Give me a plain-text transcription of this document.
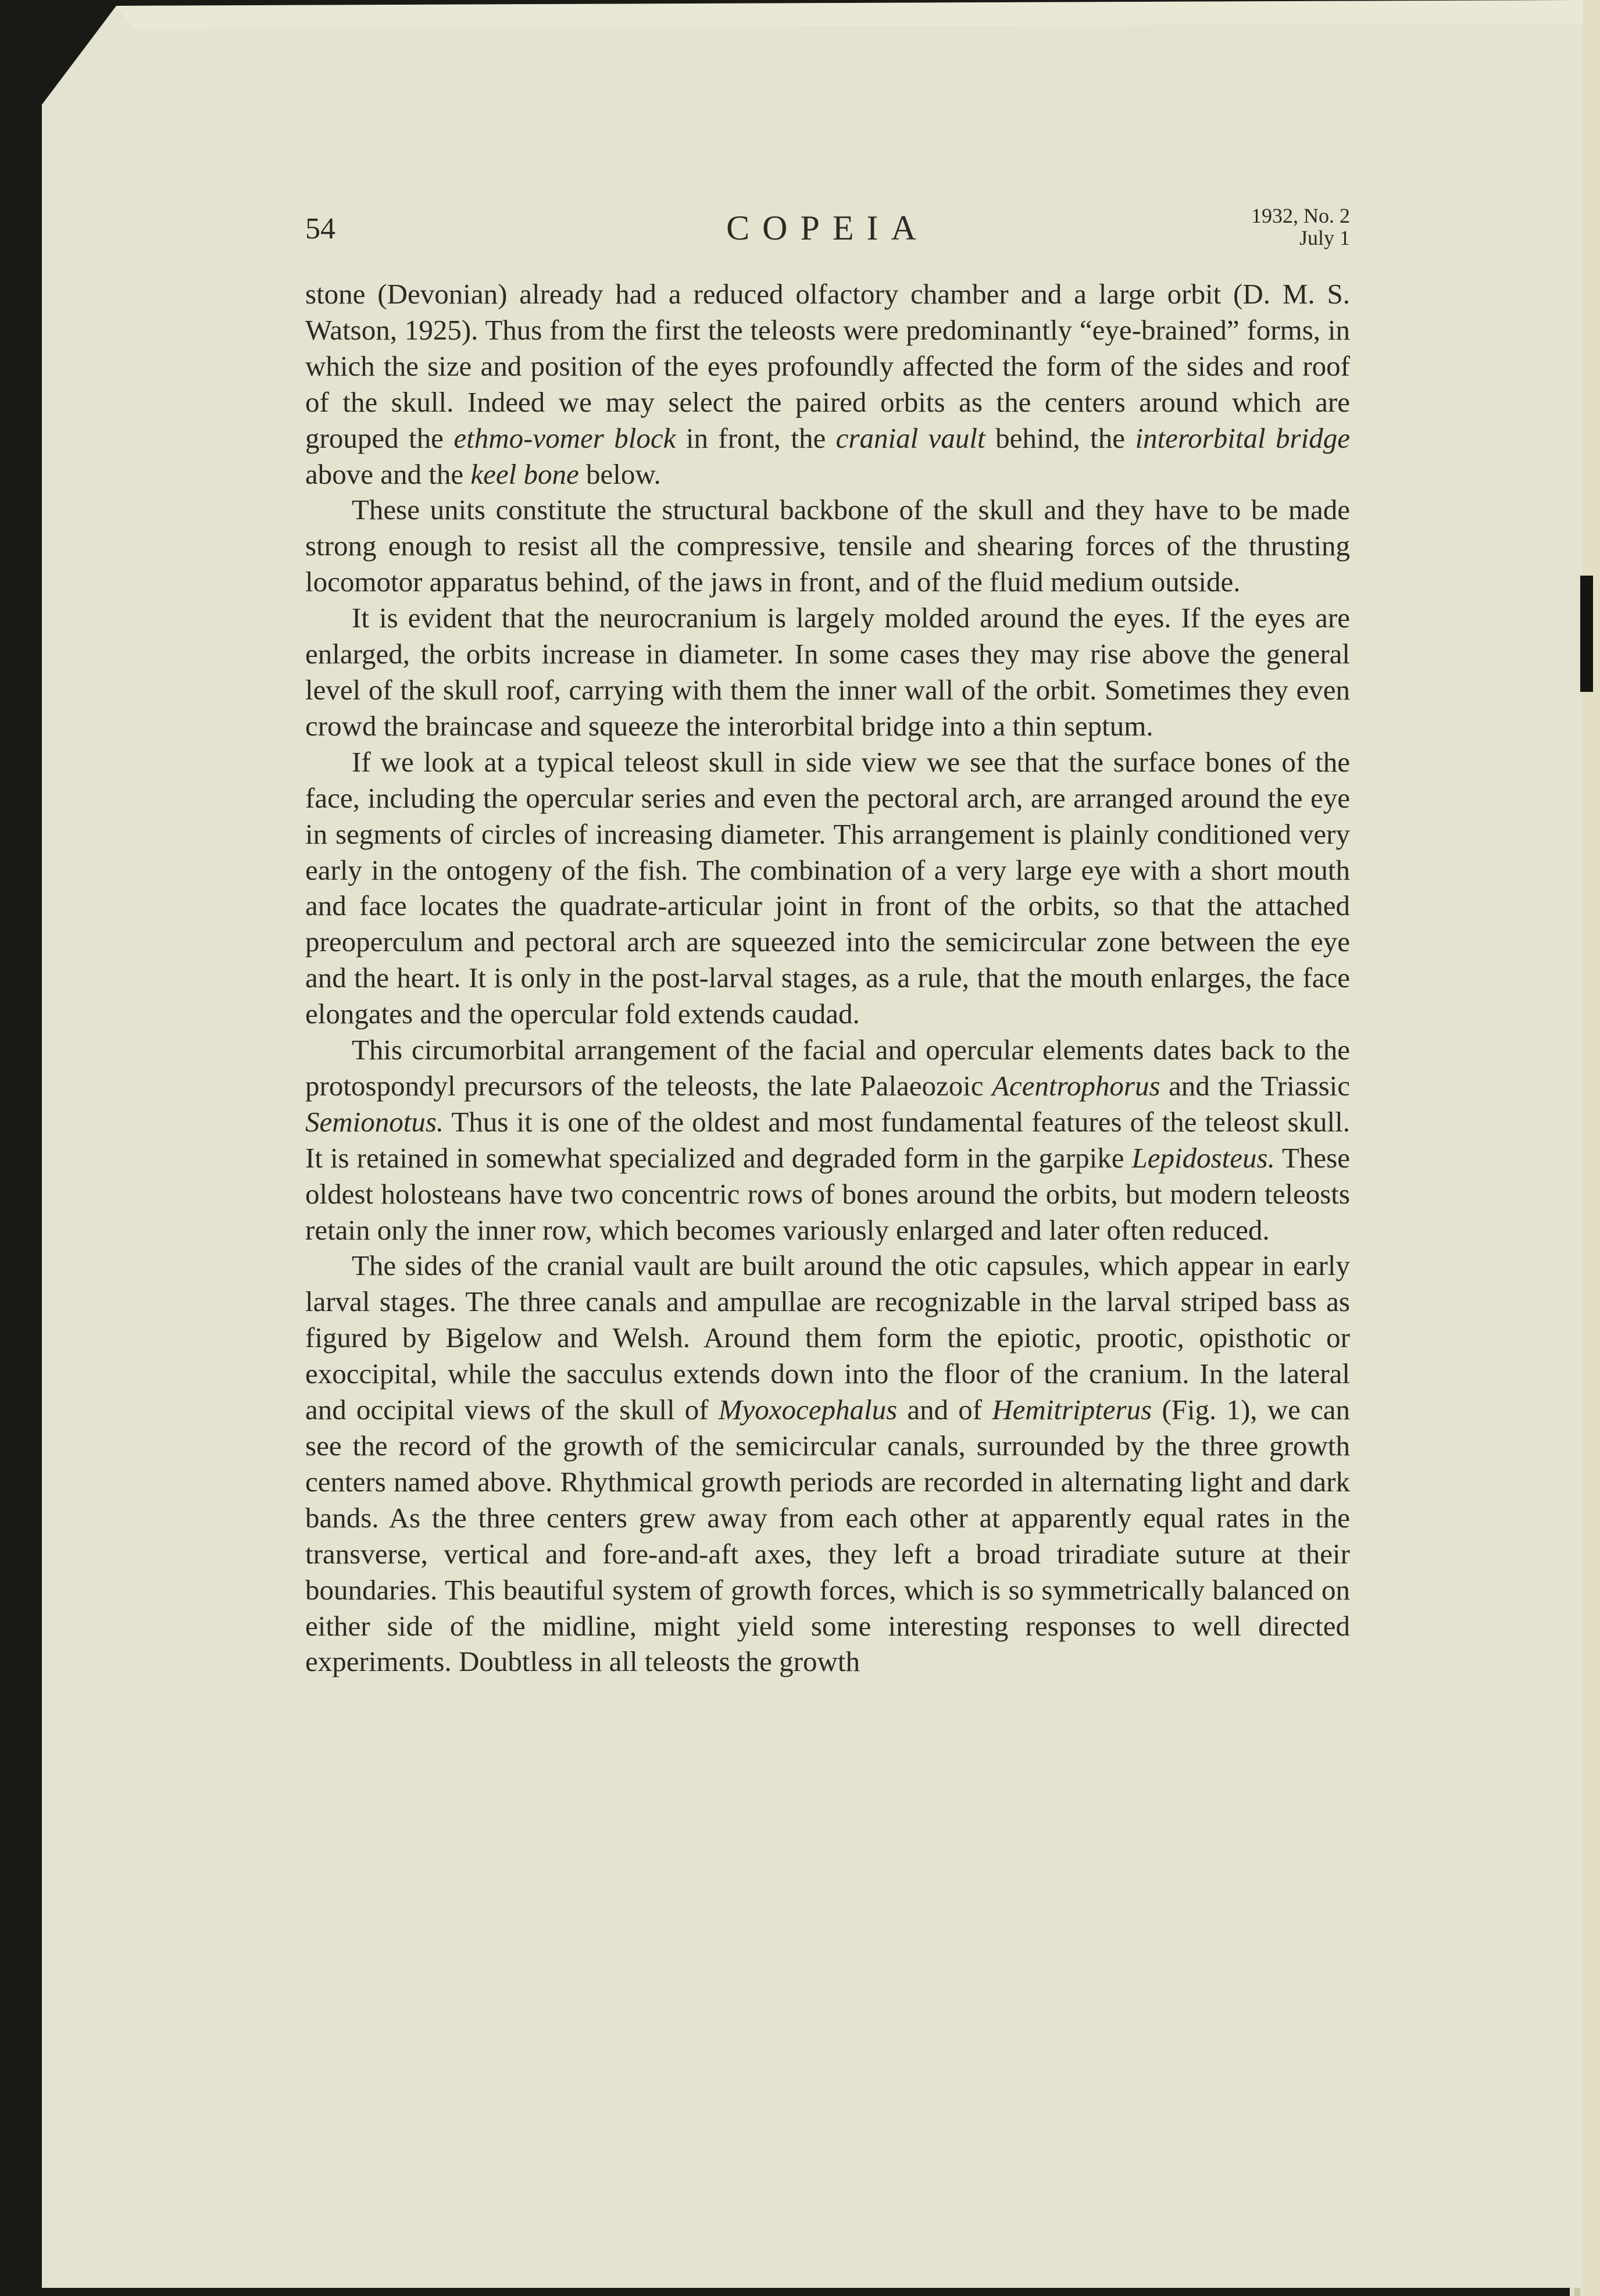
54	COPEIA	1932, No. 2
July 1

stone (Devonian) already had a reduced olfactory chamber and a large orbit (D. M. S. Watson, 1925). Thus from the first the teleosts were predominantly “eye-brained” forms, in which the size and position of the eyes profoundly affected the form of the sides and roof of the skull. Indeed we may select the paired orbits as the centers around which are grouped the ethmo-vomer block in front, the cranial vault behind, the interorbital bridge above and the keel bone below.

These units constitute the structural backbone of the skull and they have to be made strong enough to resist all the compressive, tensile and shearing forces of the thrusting locomotor apparatus behind, of the jaws in front, and of the fluid medium outside.

It is evident that the neurocranium is largely molded around the eyes. If the eyes are enlarged, the orbits increase in diameter. In some cases they may rise above the general level of the skull roof, carrying with them the inner wall of the orbit. Sometimes they even crowd the braincase and squeeze the interorbital bridge into a thin septum.

If we look at a typical teleost skull in side view we see that the surface bones of the face, including the opercular series and even the pectoral arch, are arranged around the eye in segments of circles of increasing diameter. This arrangement is plainly conditioned very early in the ontogeny of the fish. The combination of a very large eye with a short mouth and face locates the quadrate-articular joint in front of the orbits, so that the attached preoperculum and pectoral arch are squeezed into the semicircular zone between the eye and the heart. It is only in the post-larval stages, as a rule, that the mouth enlarges, the face elongates and the opercular fold extends caudad.

This circumorbital arrangement of the facial and opercular elements dates back to the protospondyl precursors of the teleosts, the late Palaeozoic Acentrophorus and the Triassic Semionotus. Thus it is one of the oldest and most fundamental features of the teleost skull. It is retained in somewhat specialized and degraded form in the garpike Lepidosteus. These oldest holosteans have two concentric rows of bones around the orbits, but modern teleosts retain only the inner row, which becomes variously enlarged and later often reduced.

The sides of the cranial vault are built around the otic capsules, which appear in early larval stages. The three canals and ampullae are recognizable in the larval striped bass as figured by Bigelow and Welsh. Around them form the epiotic, prootic, opisthotic or exoccipital, while the sacculus extends down into the floor of the cranium. In the lateral and occipital views of the skull of Myoxocephalus and of Hemitripterus (Fig. 1), we can see the record of the growth of the semicircular canals, surrounded by the three growth centers named above. Rhythmical growth periods are recorded in alternating light and dark bands. As the three centers grew away from each other at apparently equal rates in the transverse, vertical and fore-and-aft axes, they left a broad triradiate suture at their boundaries. This beautiful system of growth forces, which is so symmetrically balanced on either side of the midline, might yield some interesting responses to well directed experiments. Doubtless in all teleosts the growth
